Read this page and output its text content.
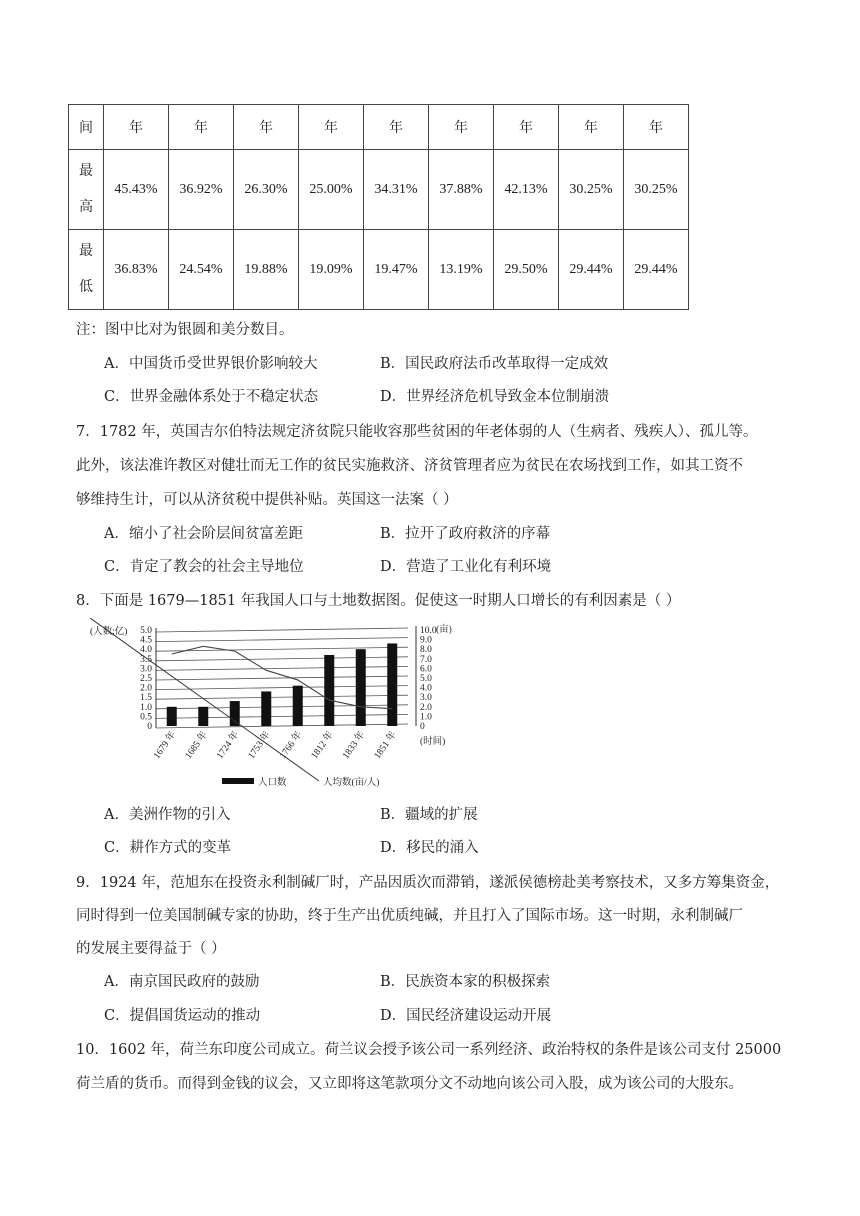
间	年	年	年	年	年	年	年	年	年

最
高	45.43%	36.92%	26.30%	25.00%	34.31%	37.88%	42.13%	30.25%	30.25%

最
低	36.83%	24.54%	19.88%	19.09%	19.47%	13.19%	29.50%	29.44%	29.44%
注：图中比对为银圆和美分数目。
A．中国货币受世界银价影响较大	B．国民政府法币改革取得一定成效
C．世界金融体系处于不稳定状态	D．世界经济危机导致金本位制崩溃
7．1782 年，英国吉尔伯特法规定济贫院只能收容那些贫困的年老体弱的人（生病者、残疾人）、孤儿等。
此外，该法准许教区对健壮而无工作的贫民实施救济、济贫管理者应为贫民在农场找到工作，如其工资不
够维持生计，可以从济贫税中提供补贴。英国这一法案（ ）
A．缩小了社会阶层间贫富差距	B．拉开了政府救济的序幕
C．肯定了教会的社会主导地位	D．营造了工业化有利环境
8．下面是 1679—1851 年我国人口与土地数据图。促使这一时期人口增长的有利因素是（ ）
0
0.5
1.0
1.5
2.0
2.5
3.0
3.5
4.0
4.5
5.0
0
1.0
2.0
3.0
4.0
5.0
6.0
7.0
8.0
9.0
10.0
1679 年 1685 年 1724 年 1753 年 1766 年 1812 年 1833 年 1851 年
(人数;亿)	(亩)
(时间)
人口数	人均数(亩/人)
A．美洲作物的引入	B．疆域的扩展
C．耕作方式的变革	D．移民的涌入
9．1924 年，范旭东在投资永利制碱厂时，产品因质次而滞销，遂派侯德榜赴美考察技术，又多方筹集资金，
同时得到一位美国制碱专家的协助，终于生产出优质纯碱，并且打入了国际市场。这一时期，永利制碱厂
的发展主要得益于（ ）
A．南京国民政府的鼓励	B．民族资本家的积极探索
C．提倡国货运动的推动	D．国民经济建设运动开展
10．1602 年，荷兰东印度公司成立。荷兰议会授予该公司一系列经济、政治特权的条件是该公司支付 25000
荷兰盾的货币。而得到金钱的议会，又立即将这笔款项分文不动地向该公司入股，成为该公司的大股东。
